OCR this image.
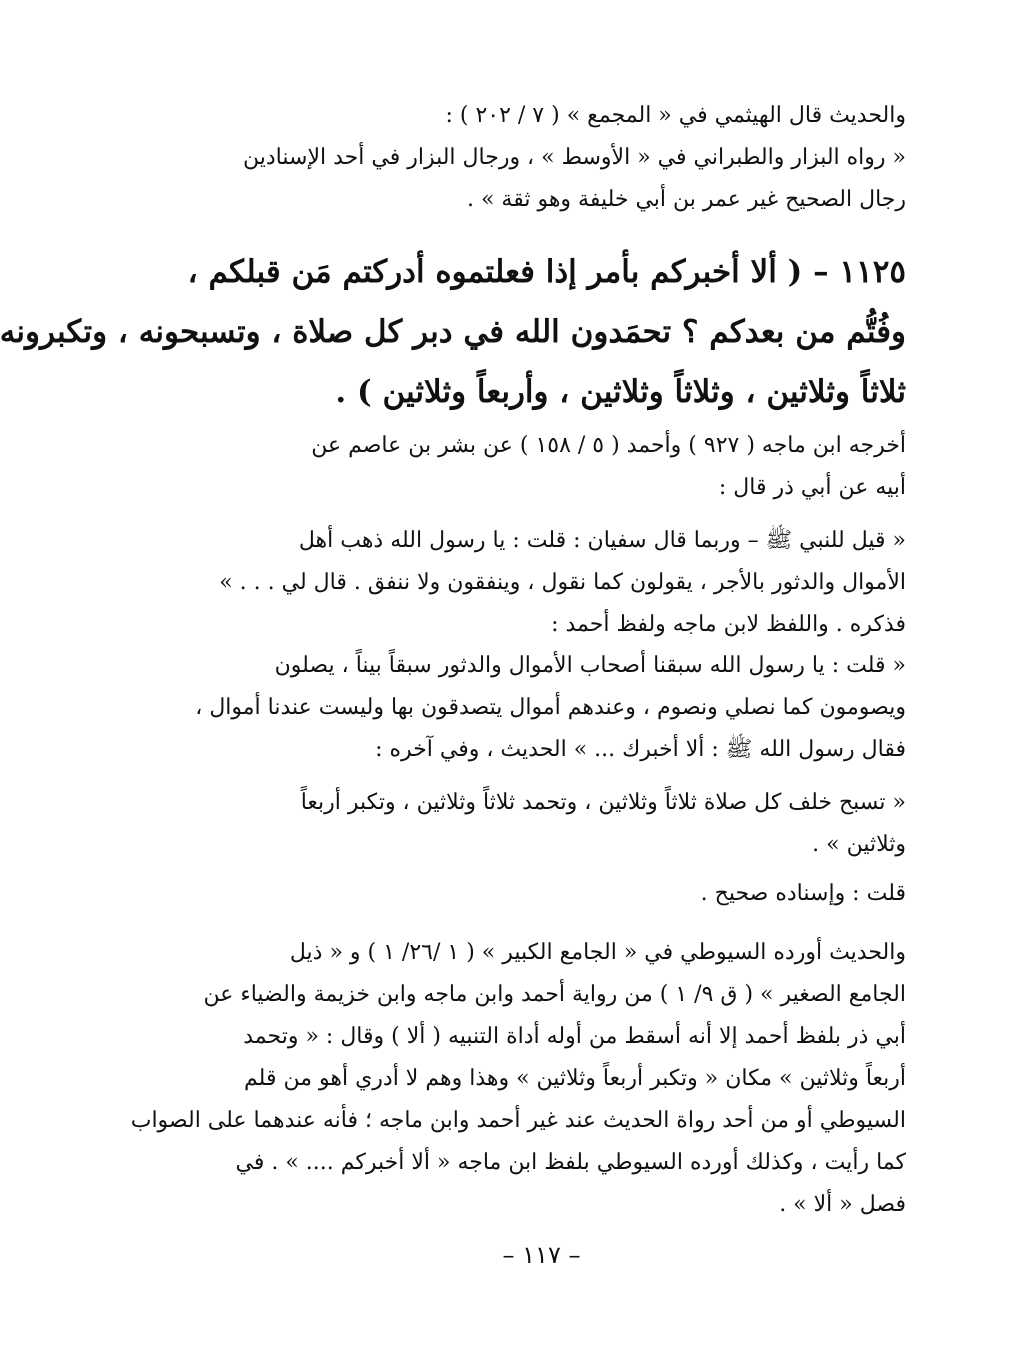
والحديث قال الهيثمي في « المجمع » ( ٧ / ٢٠٢ ) :
« رواه البزار والطبراني في « الأوسط » ، ورجال البزار في أحد الإسنادين
رجال الصحيح غير عمر بن أبي خليفة وهو ثقة » .
١١٢٥ – ( ألا أخبركم بأمر إذا فعلتموه أدركتم مَن قبلكم ،
وفُتُّم من بعدكم ؟ تحمَدون الله في دبر كل صلاة ، وتسبحونه ، وتكبرونه
ثلاثاً وثلاثين ، وثلاثاً وثلاثين ، وأربعاً وثلاثين ) .
أخرجه ابن ماجه ( ٩٢٧ ) وأحمد ( ٥ / ١٥٨ ) عن بشر بن عاصم عن
أبيه عن أبي ذر قال :
« قيل للنبي ﷺ – وربما قال سفيان : قلت : يا رسول الله ذهب أهل
الأموال والدثور بالأجر ، يقولون كما نقول ، وينفقون ولا ننفق . قال لي . . . »
فذكره . واللفظ لابن ماجه ولفظ أحمد :
« قلت : يا رسول الله سبقنا أصحاب الأموال والدثور سبقاً بيناً ، يصلون
ويصومون كما نصلي ونصوم ، وعندهم أموال يتصدقون بها وليست عندنا أموال ،
فقال رسول الله ﷺ : ألا أخبرك ... » الحديث ، وفي آخره :
« تسبح خلف كل صلاة ثلاثاً وثلاثين ، وتحمد ثلاثاً وثلاثين ، وتكبر أربعاً
وثلاثين » .
قلت : وإسناده صحيح .
والحديث أورده السيوطي في « الجامع الكبير » ( ١ /٢٦/ ١ ) و « ذيل
الجامع الصغير » ( ق ٩/ ١ ) من رواية أحمد وابن ماجه وابن خزيمة والضياء عن
أبي ذر بلفظ أحمد إلا أنه أسقط من أوله أداة التنبيه ( ألا ) وقال : « وتحمد
أربعاً وثلاثين » مكان « وتكبر أربعاً وثلاثين » وهذا وهم لا أدري أهو من قلم
السيوطي أو من أحد رواة الحديث عند غير أحمد وابن ماجه ؛ فأنه عندهما على الصواب
كما رأيت ، وكذلك أورده السيوطي بلفظ ابن ماجه « ألا أخبركم .... » . في
فصل « ألا » .
– ١١٧ –
